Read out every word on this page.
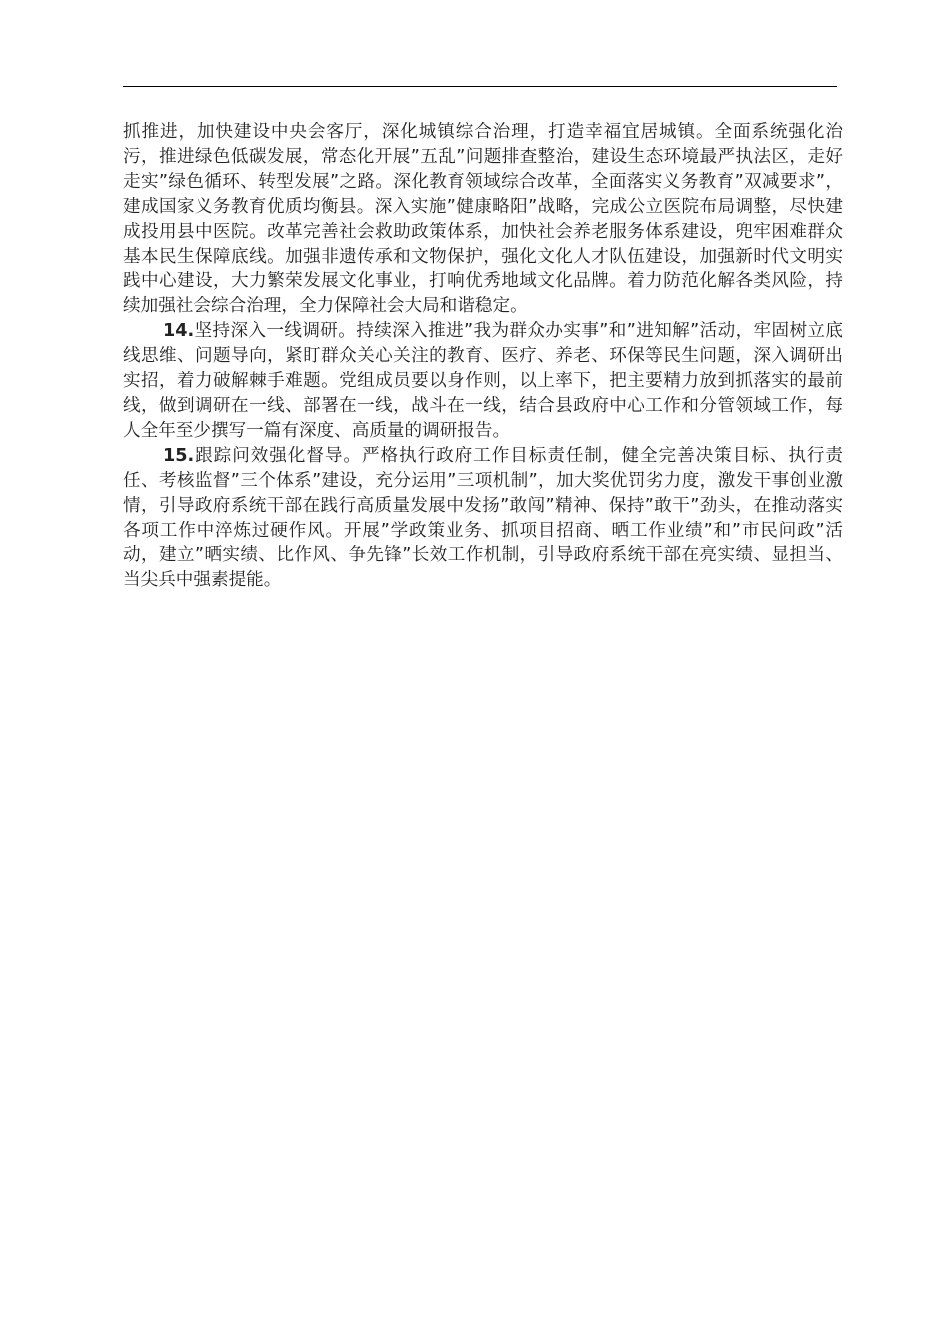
抓推进，加快建设中央会客厅，深化城镇综合治理，打造幸福宜居城镇。全面系统强化治污，推进绿色低碳发展，常态化开展”五乱”问题排查整治，建设生态环境最严执法区，走好走实”绿色循环、转型发展”之路。深化教育领域综合改革，全面落实义务教育”双减要求”，建成国家义务教育优质均衡县。深入实施”健康略阳”战略，完成公立医院布局调整，尽快建成投用县中医院。改革完善社会救助政策体系，加快社会养老服务体系建设，兜牢困难群众基本民生保障底线。加强非遗传承和文物保护，强化文化人才队伍建设，加强新时代文明实践中心建设，大力繁荣发展文化事业，打响优秀地域文化品牌。着力防范化解各类风险，持续加强社会综合治理，全力保障社会大局和谐稳定。

14.坚持深入一线调研。持续深入推进”我为群众办实事”和”进知解”活动，牢固树立底线思维、问题导向，紧盯群众关心关注的教育、医疗、养老、环保等民生问题，深入调研出实招，着力破解棘手难题。党组成员要以身作则，以上率下，把主要精力放到抓落实的最前线，做到调研在一线、部署在一线，战斗在一线，结合县政府中心工作和分管领域工作，每人全年至少撰写一篇有深度、高质量的调研报告。

15.跟踪问效强化督导。严格执行政府工作目标责任制，健全完善决策目标、执行责任、考核监督”三个体系”建设，充分运用”三项机制”，加大奖优罚劣力度，激发干事创业激情，引导政府系统干部在践行高质量发展中发扬”敢闯”精神、保持”敢干”劲头，在推动落实各项工作中淬炼过硬作风。开展”学政策业务、抓项目招商、晒工作业绩”和”市民问政”活动，建立”晒实绩、比作风、争先锋”长效工作机制，引导政府系统干部在亮实绩、显担当、当尖兵中强素提能。
